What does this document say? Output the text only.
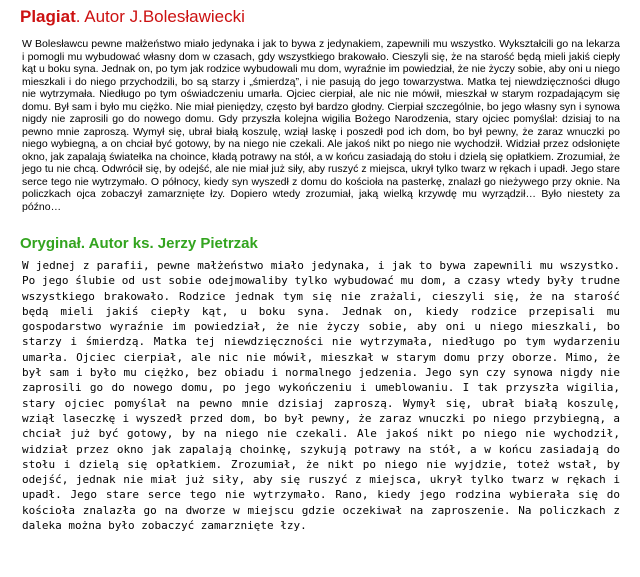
Plagiat. Autor J.Bolesławiecki

W Bolesławcu pewne małżeństwo miało jedynaka i jak to bywa z jedynakiem, zapewnili mu wszystko. Wykształcili go na lekarza i pomogli mu wybudować własny dom w czasach, gdy wszystkiego brakowało. Cieszyli się, że na starość będą mieli jakiś ciepły kąt u boku syna. Jednak on, po tym jak rodzice wybudowali mu dom, wyraźnie im powiedział, że nie życzy sobie, aby oni u niego mieszkali i do niego przychodzili, bo są starzy i „śmierdzą”, i nie pasują do jego towarzystwa. Matka tej niewdzięczności długo nie wytrzymała. Niedługo po tym oświadczeniu umarła. Ojciec cierpiał, ale nic nie mówił, mieszkał w starym rozpadającym się domu. Był sam i było mu ciężko. Nie miał pieniędzy, często był bardzo głodny. Cierpiał szczególnie, bo jego własny syn i synowa nigdy nie zaprosili go do nowego domu. Gdy przyszła kolejna wigilia Bożego Narodzenia, stary ojciec pomyślał: dzisiaj to na pewno mnie zaproszą. Wymył się, ubrał białą koszulę, wziął laskę i poszedł pod ich dom, bo był pewny, że zaraz wnuczki po niego wybiegną, a on chciał być gotowy, by na niego nie czekali. Ale jakoś nikt po niego nie wychodził. Widział przez odsłonięte okno, jak zapalają światełka na choince, kładą potrawy na stół, a w końcu zasiadają do stołu i dzielą się opłatkiem. Zrozumiał, że jego tu nie chcą. Odwrócił się, by odejść, ale nie miał już siły, aby ruszyć z miejsca, ukrył tylko twarz w rękach i upadł. Jego stare serce tego nie wytrzymało. O północy, kiedy syn wyszedł z domu do kościoła na pasterkę, znalazł go nieżywego przy oknie. Na policzkach ojca zobaczył zamarznięte łzy. Dopiero wtedy zrozumiał, jaką wielką krzywdę mu wyrządził… Było niestety za późno…

Oryginał. Autor ks. Jerzy Pietrzak

W jednej z parafii, pewne małżeństwo miało jedynaka, i jak to bywa zapewnili mu wszystko. Po jego ślubie od ust sobie odejmowaliby tylko wybudować mu dom, a czasy wtedy były trudne wszystkiego brakowało. Rodzice jednak tym się nie zrażali, cieszyli się, że na starość będą mieli jakiś ciepły kąt, u boku syna. Jednak on, kiedy rodzice przepisali mu gospodarstwo wyraźnie im powiedział, że nie życzy sobie, aby oni u niego mieszkali, bo starzy i śmierdzą. Matka tej niewdzięczności nie wytrzymała, niedługo po tym wydarzeniu umarła. Ojciec cierpiał, ale nic nie mówił, mieszkał w starym domu przy oborze. Mimo, że był sam i było mu ciężko, bez obiadu i normalnego jedzenia. Jego syn czy synowa nigdy nie zaprosili go do nowego domu, po jego wykończeniu i umeblowaniu. I tak przyszła wigilia, stary ojciec pomyślał na pewno mnie dzisiaj zaproszą. Wymył się, ubrał białą koszulę, wziął laseczkę i wyszedł przed dom, bo był pewny, że zaraz wnuczki po niego przybiegną, a chciał już być gotowy, by na niego nie czekali. Ale jakoś nikt po niego nie wychodził, widział przez okno jak zapalają choinkę, szykują potrawy na stół, a w końcu zasiadają do stołu i dzielą się opłatkiem. Zrozumiał, że nikt po niego nie wyjdzie, toteż wstał, by odejść, jednak nie miał już siły, aby się ruszyć z miejsca, ukrył tylko twarz w rękach i upadł. Jego stare serce tego nie wytrzymało. Rano, kiedy jego rodzina wybierała się do kościoła znalazła go na dworze w miejscu gdzie oczekiwał na zaproszenie. Na policzkach z daleka można było zobaczyć zamarznięte łzy.
